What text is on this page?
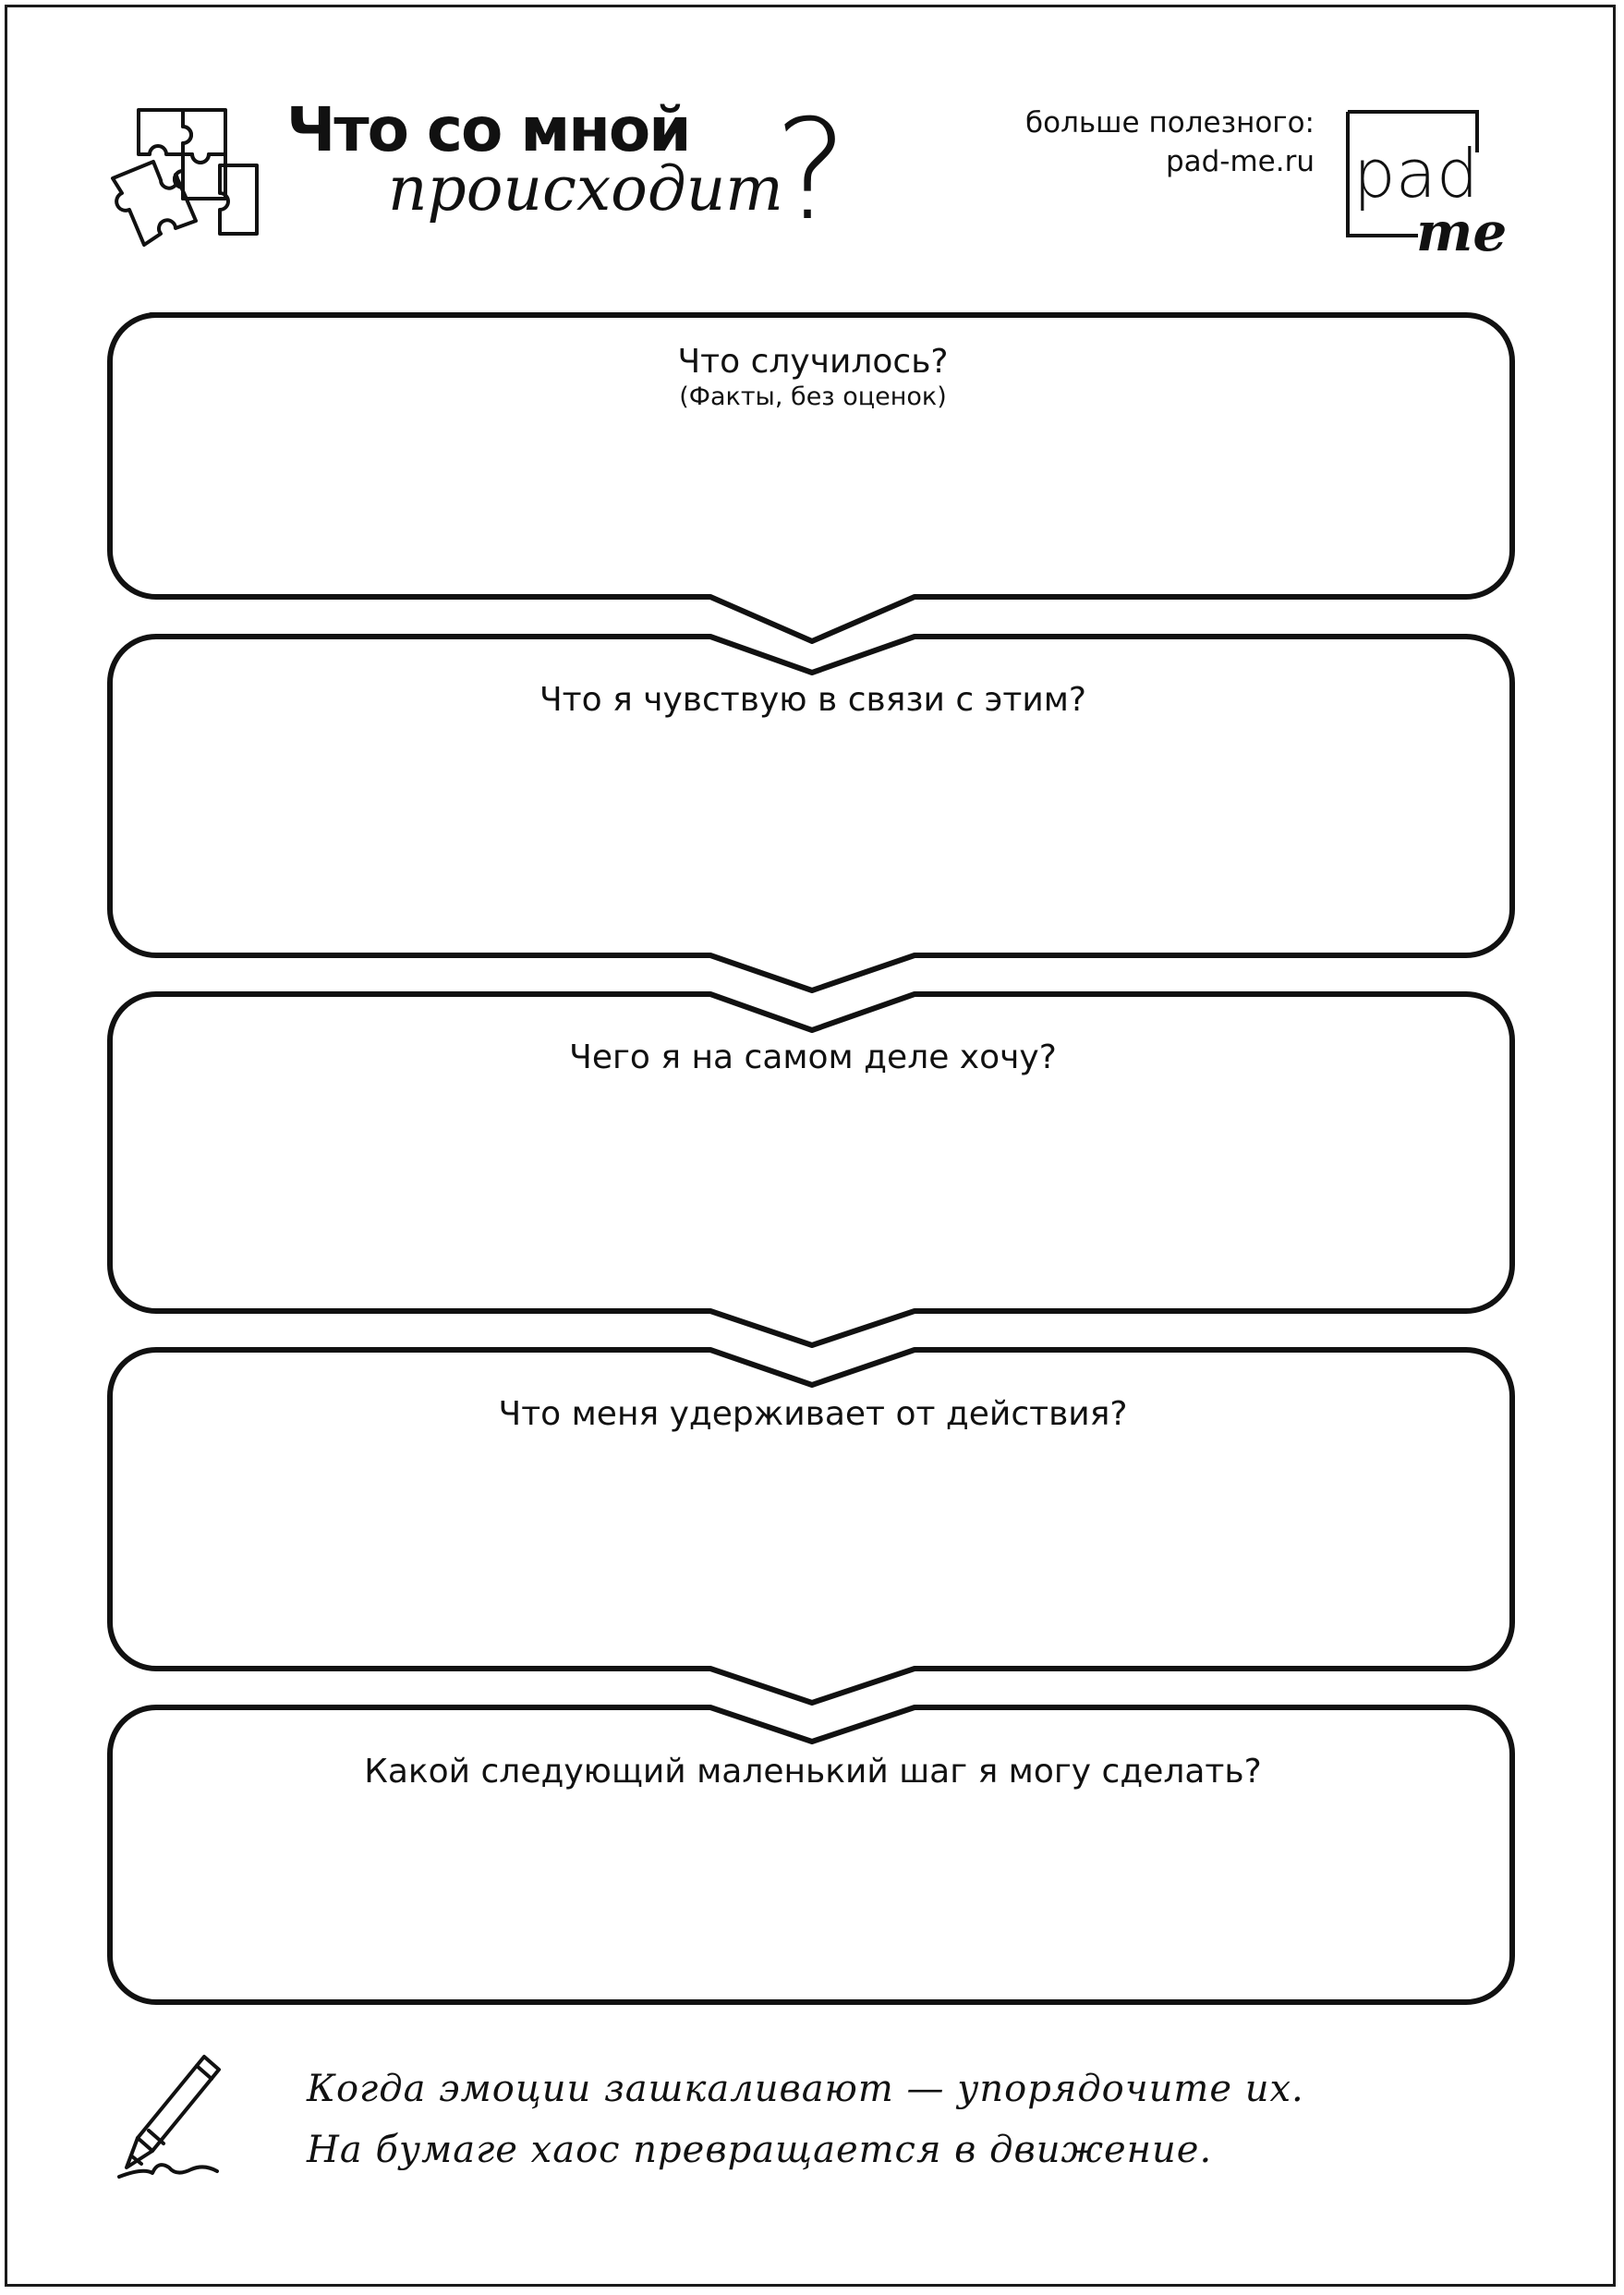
Что со мной
происходит
?	больше полезного:
pad-me.ru pad
me
Что случилось?
(Факты, без оценок)
Что я чувствую в связи с этим?
Чего я на самом деле хочу?
Что меня удерживает от действия?
Какой следующий маленький шаг я могу сделать?
Когда эмоции зашкаливают — упорядочите их.
На бумаге хаос превращается в движение.
